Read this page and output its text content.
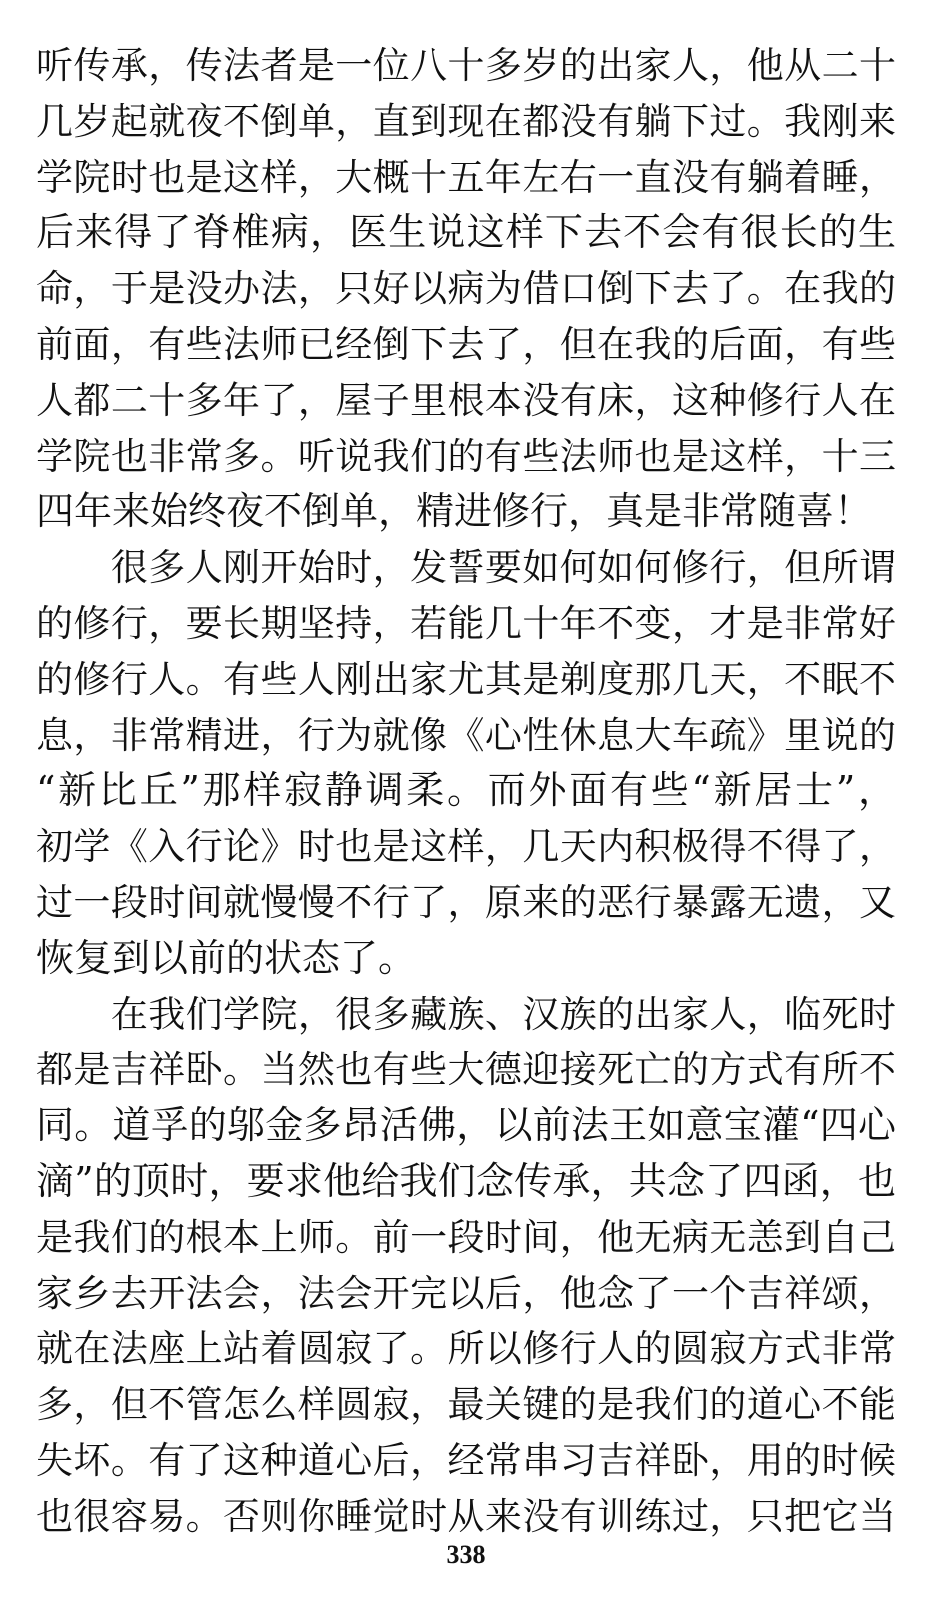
听传承，传法者是一位八十多岁的出家人，他从二十
几岁起就夜不倒单，直到现在都没有躺下过。我刚来
学院时也是这样，大概十五年左右一直没有躺着睡，
后来得了脊椎病，医生说这样下去不会有很长的生
命，于是没办法，只好以病为借口倒下去了。在我的
前面，有些法师已经倒下去了，但在我的后面，有些
人都二十多年了，屋子里根本没有床，这种修行人在
学院也非常多。听说我们的有些法师也是这样，十三
四年来始终夜不倒单，精进修行，真是非常随喜！
　　很多人刚开始时，发誓要如何如何修行，但所谓
的修行，要长期坚持，若能几十年不变，才是非常好
的修行人。有些人刚出家尤其是剃度那几天，不眠不
息，非常精进，行为就像《心性休息大车疏》里说的
“新比丘”那样寂静调柔。而外面有些“新居士”，
初学《入行论》时也是这样，几天内积极得不得了，
过一段时间就慢慢不行了，原来的恶行暴露无遗，又
恢复到以前的状态了。
　　在我们学院，很多藏族、汉族的出家人，临死时
都是吉祥卧。当然也有些大德迎接死亡的方式有所不
同。道孚的邬金多昂活佛，以前法王如意宝灌“四心
滴”的顶时，要求他给我们念传承，共念了四函，也
是我们的根本上师。前一段时间，他无病无恙到自己
家乡去开法会，法会开完以后，他念了一个吉祥颂，
就在法座上站着圆寂了。所以修行人的圆寂方式非常
多，但不管怎么样圆寂，最关键的是我们的道心不能
失坏。有了这种道心后，经常串习吉祥卧，用的时候
也很容易。否则你睡觉时从来没有训练过，只把它当
338
